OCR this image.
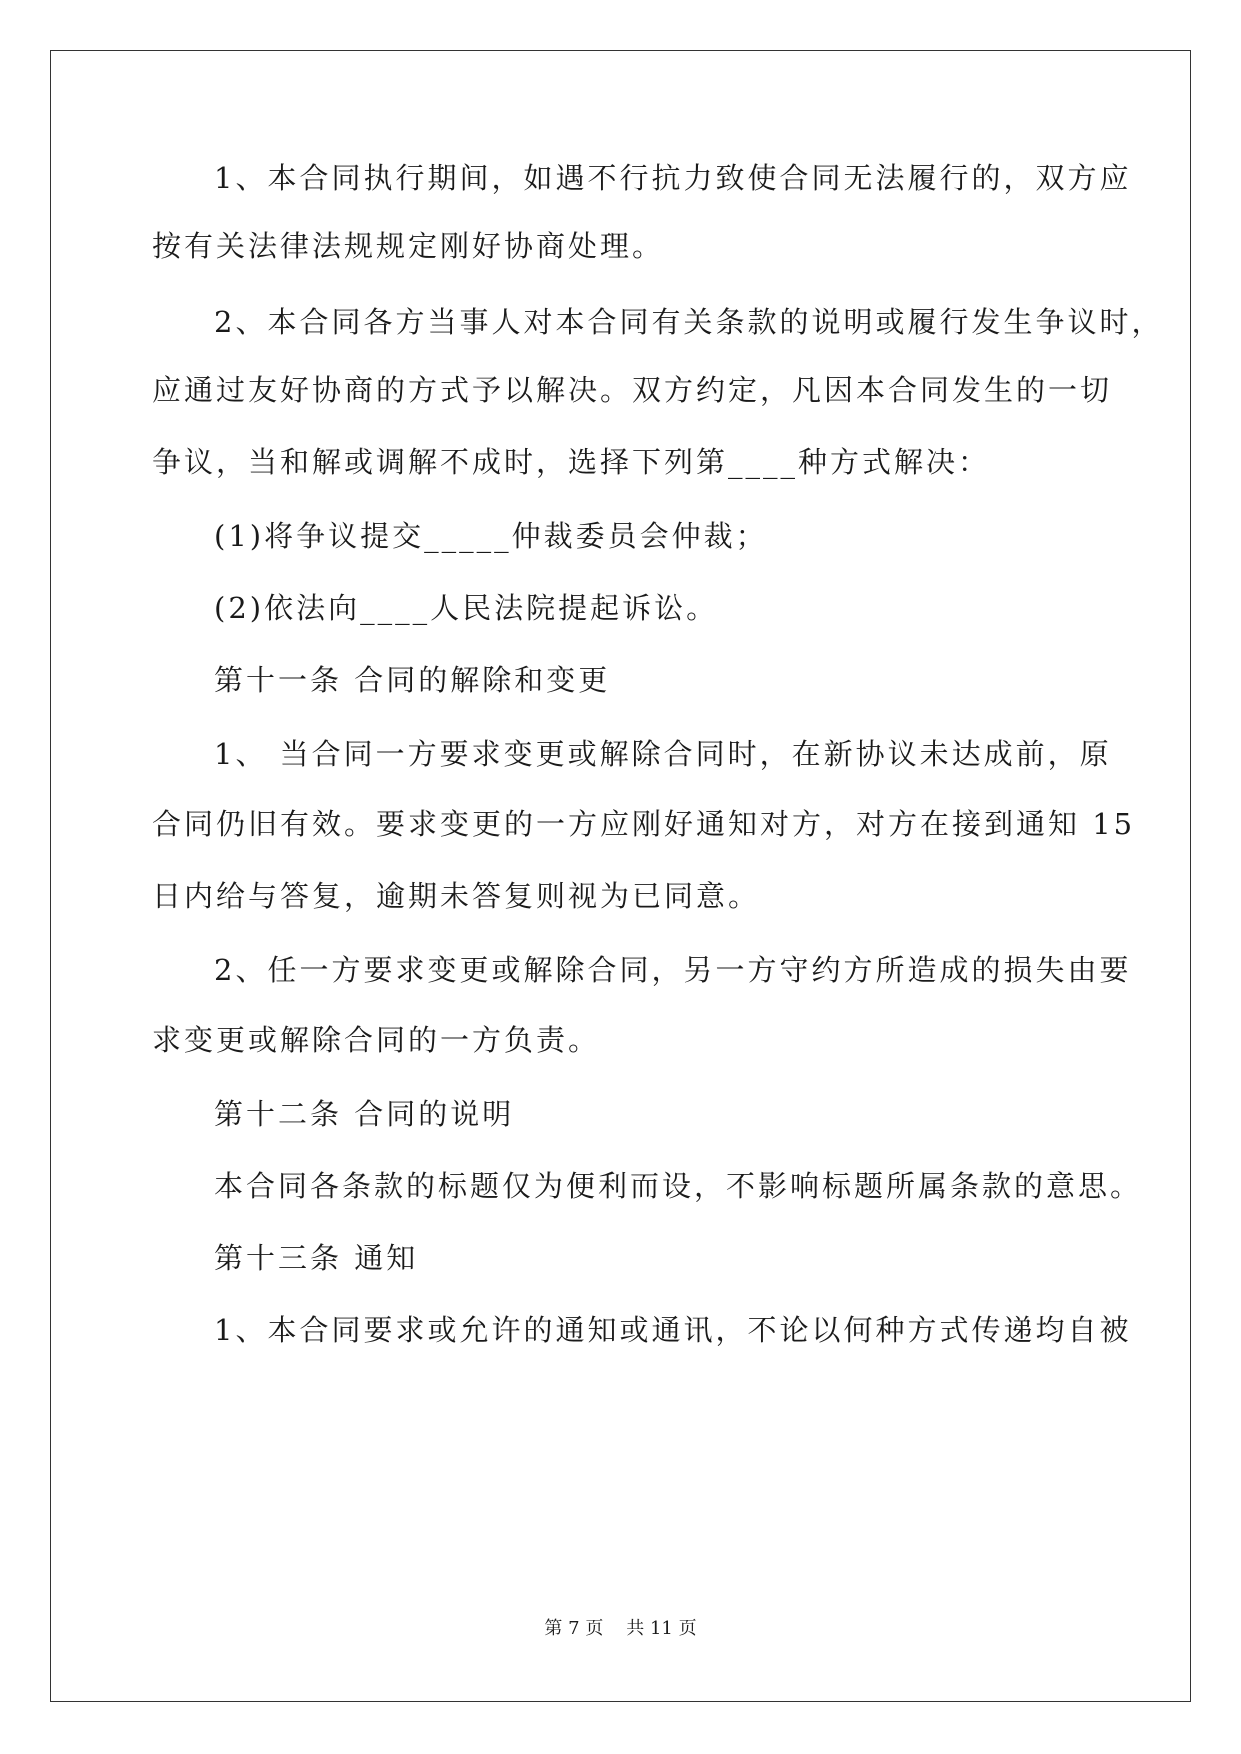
1、本合同执行期间，如遇不行抗力致使合同无法履行的，双方应
按有关法律法规规定刚好协商处理。
2、本合同各方当事人对本合同有关条款的说明或履行发生争议时，
应通过友好协商的方式予以解决。双方约定，凡因本合同发生的一切
争议，当和解或调解不成时，选择下列第____种方式解决：
(1)将争议提交_____仲裁委员会仲裁；
(2)依法向____人民法院提起诉讼。
第十一条 合同的解除和变更
1、 当合同一方要求变更或解除合同时，在新协议未达成前，原
合同仍旧有效。要求变更的一方应刚好通知对方，对方在接到通知 15
日内给与答复，逾期未答复则视为已同意。
2、任一方要求变更或解除合同，另一方守约方所造成的损失由要
求变更或解除合同的一方负责。
第十二条 合同的说明
本合同各条款的标题仅为便利而设，不影响标题所属条款的意思。
第十三条 通知
1、本合同要求或允许的通知或通讯，不论以何种方式传递均自被
第 7 页 共 11 页
